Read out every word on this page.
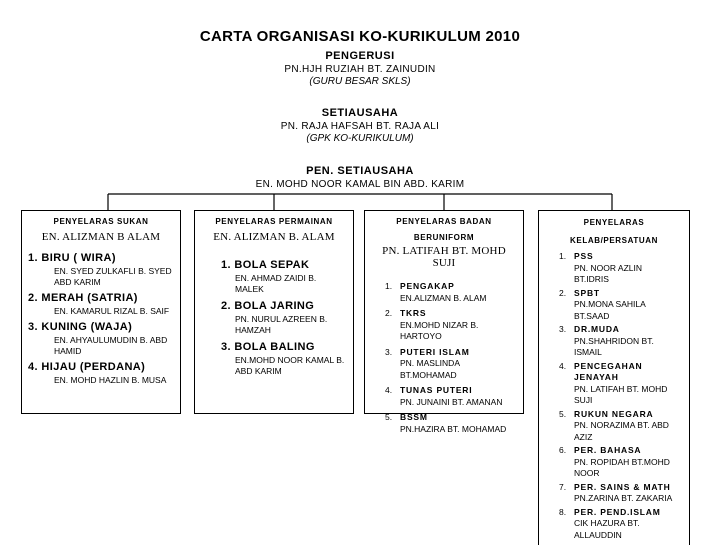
CARTA ORGANISASI KO-KURIKULUM 2010
PENGERUSI
PN.HJH RUZIAH BT. ZAINUDIN
(GURU BESAR SKLS)
SETIAUSAHA
PN. RAJA HAFSAH BT. RAJA ALI
(GPK KO-KURIKULUM)
PEN. SETIAUSAHA
EN. MOHD NOOR KAMAL BIN ABD. KARIM
PENYELARAS SUKAN
EN. ALIZMAN B ALAM
1. BIRU ( WIRA)
EN. SYED ZULKAFLI B. SYED ABD KARIM
2. MERAH (SATRIA)
EN. KAMARUL RIZAL B. SAIF
3. KUNING (WAJA)
EN. AHYAULUMUDIN B. ABD HAMID
4. HIJAU (PERDANA)
EN. MOHD HAZLIN B. MUSA
PENYELARAS PERMAINAN
EN. ALIZMAN B. ALAM
1. BOLA SEPAK
EN. AHMAD ZAIDI B. MALEK
2. BOLA JARING
PN. NURUL AZREEN B. HAMZAH
3. BOLA BALING
EN.MOHD NOOR KAMAL B. ABD KARIM
PENYELARAS BADAN
BERUNIFORM
PN. LATIFAH BT. MOHD SUJI
1. PENGAKAP
EN.ALIZMAN B. ALAM
2. TKRS
EN.MOHD NIZAR B. HARTOYO
3. PUTERI ISLAM
PN. MASLINDA BT.MOHAMAD
4. TUNAS PUTERI
PN. JUNAINI BT. AMANAN
5. BSSM
PN.HAZIRA BT. MOHAMAD
PENYELARAS
KELAB/PERSATUAN
1. PSS
PN. NOOR AZLIN BT.IDRIS
2. SPBT
PN.MONA SAHILA BT.SAAD
3. DR.MUDA
PN.SHAHRIDON BT. ISMAIL
4. PENCEGAHAN JENAYAH
PN. LATIFAH BT. MOHD SUJI
5. RUKUN NEGARA
PN. NORAZIMA BT. ABD AZIZ
6. PER. BAHASA
PN. ROPIDAH BT.MOHD NOOR
7. PER. SAINS & MATH
PN.ZARINA BT. ZAKARIA
8. PER. PEND.ISLAM
CIK HAZURA BT. ALLAUDDIN
